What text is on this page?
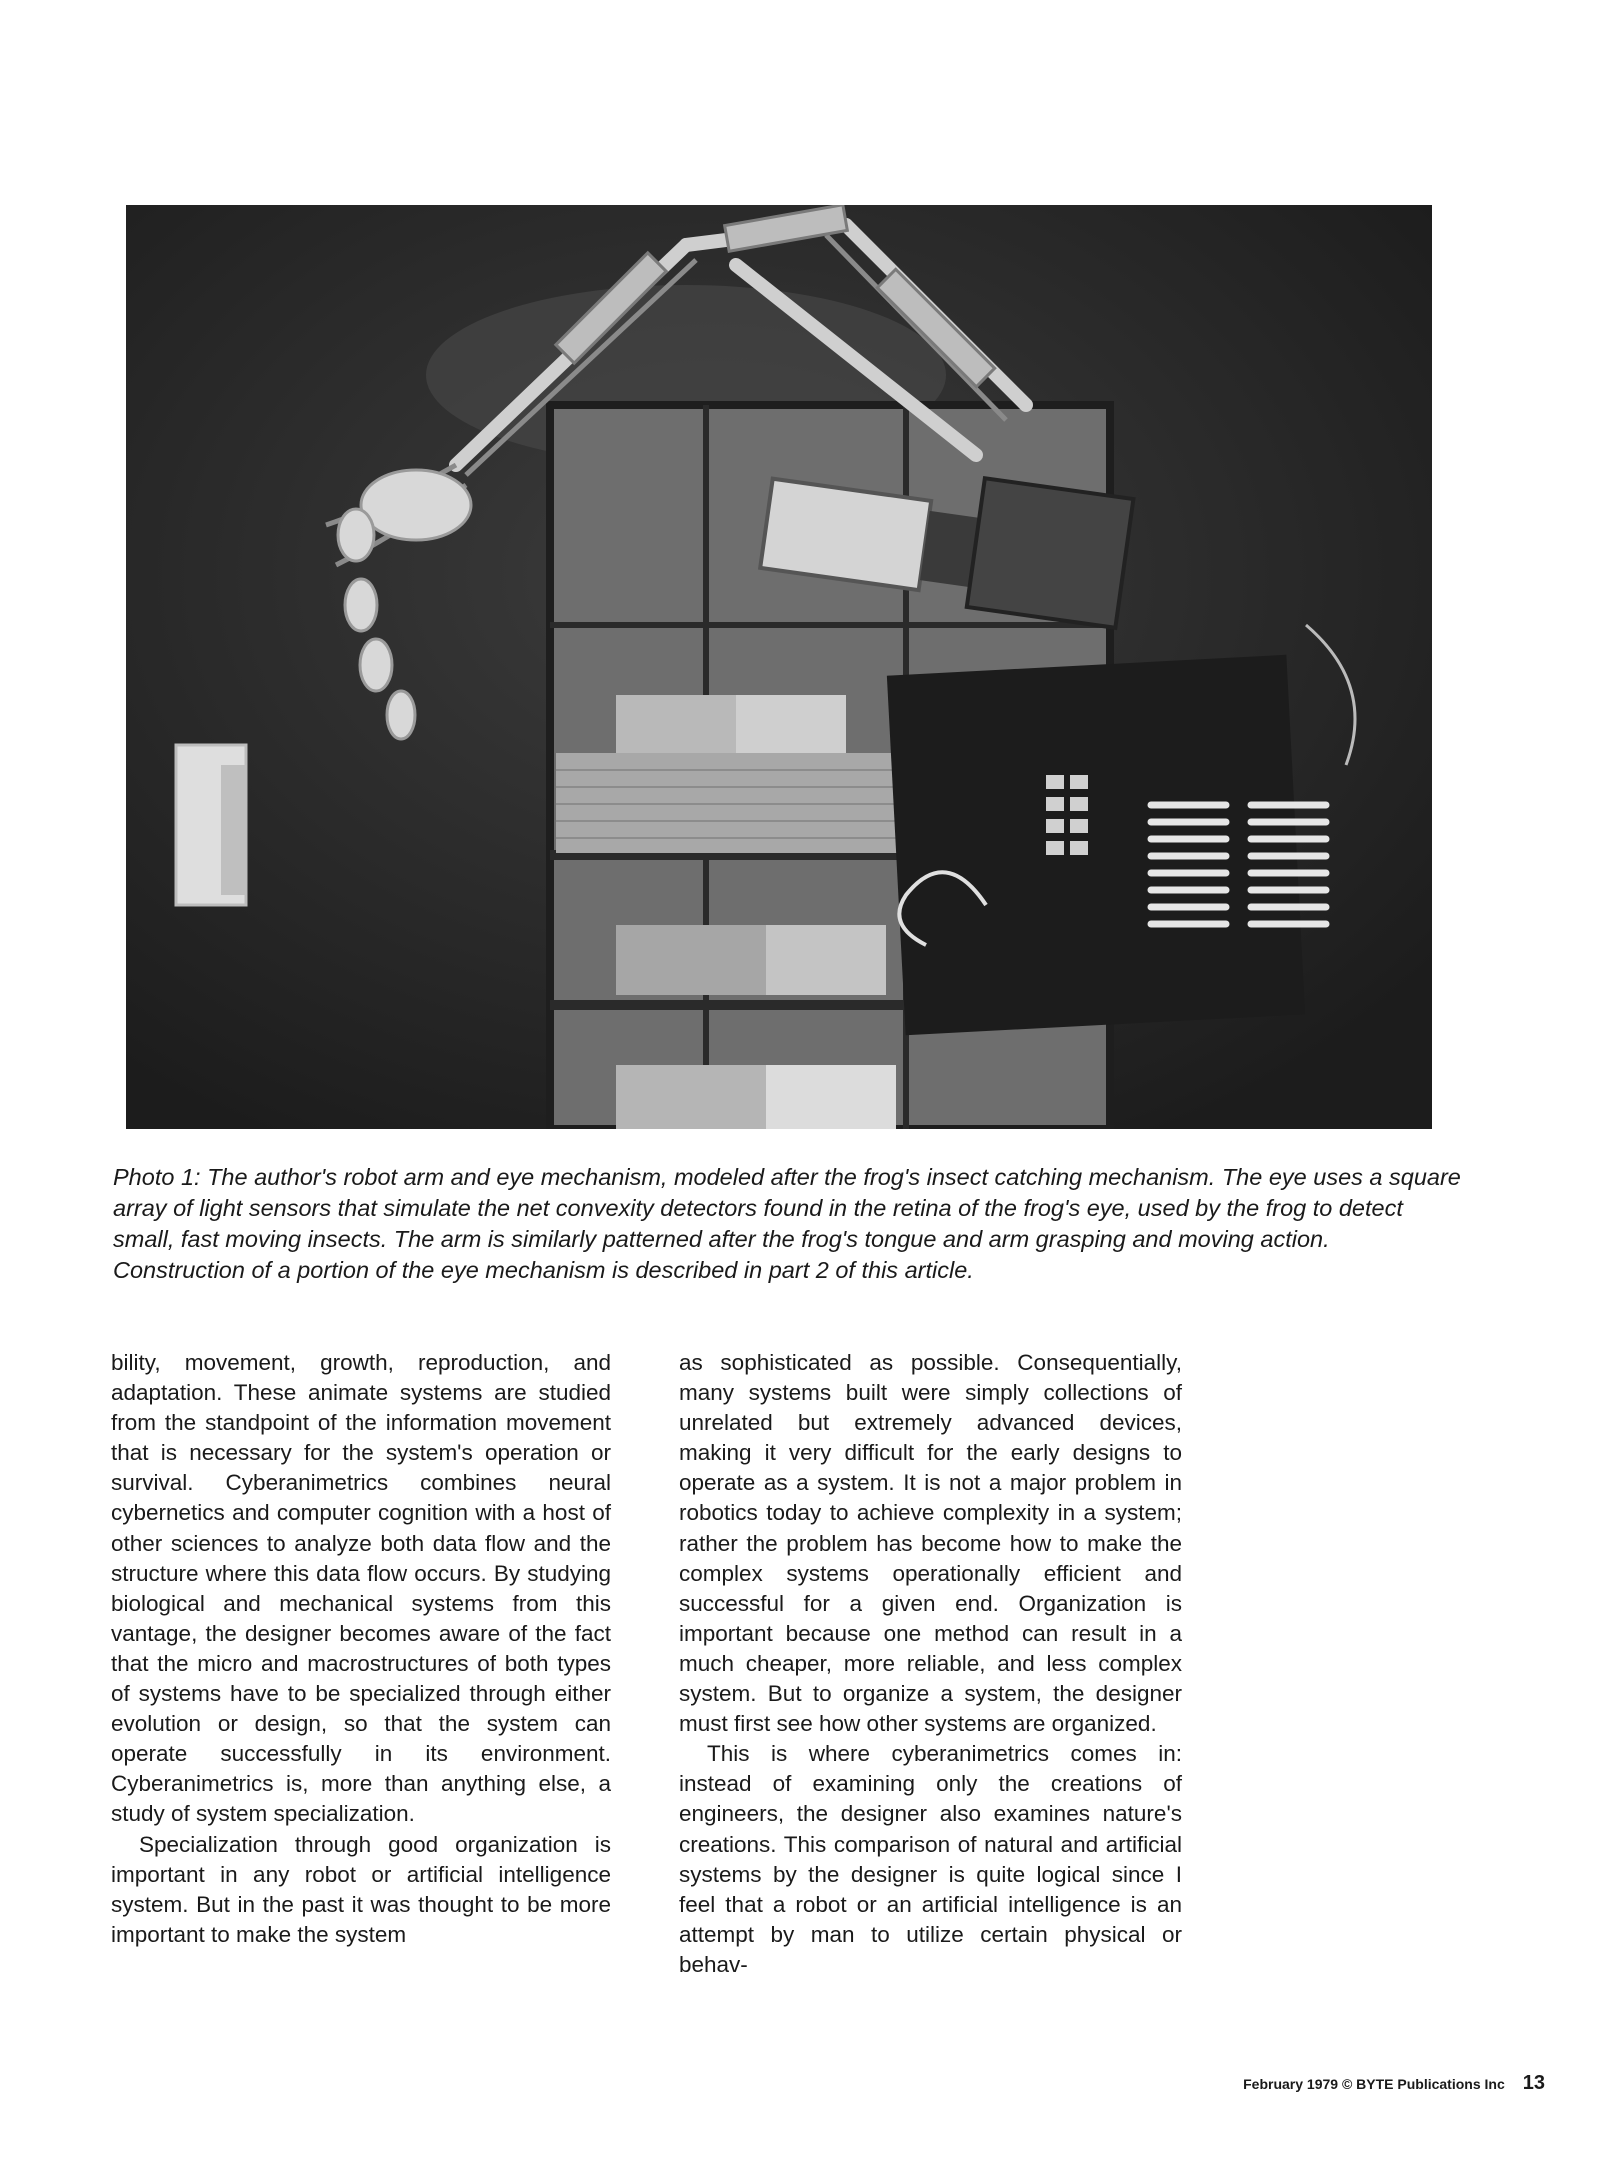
Photo 1: The author's robot arm and eye mechanism, modeled after the frog's insect catching mechanism. The eye uses a square array of light sensors that simulate the net convexity detectors found in the retina of the frog's eye, used by the frog to detect small, fast moving insects. The arm is similarly patterned after the frog's tongue and arm grasping and moving action. Construction of a portion of the eye mechanism is described in part 2 of this article.

bility, movement, growth, reproduction, and adaptation. These animate systems are studied from the standpoint of the information movement that is necessary for the system's operation or survival. Cyberanimetrics combines neural cybernetics and computer cognition with a host of other sciences to analyze both data flow and the structure where this data flow occurs. By studying biological and mechanical systems from this vantage, the designer becomes aware of the fact that the micro and macrostructures of both types of systems have to be specialized through either evolution or design, so that the system can operate successfully in its environment. Cyberanimetrics is, more than anything else, a study of system specialization.

Specialization through good organization is important in any robot or artificial intelligence system. But in the past it was thought to be more important to make the system

as sophisticated as possible. Consequentially, many systems built were simply collections of unrelated but extremely advanced devices, making it very difficult for the early designs to operate as a system. It is not a major problem in robotics today to achieve complexity in a system; rather the problem has become how to make the complex systems operationally efficient and successful for a given end. Organization is important because one method can result in a much cheaper, more reliable, and less complex system. But to organize a system, the designer must first see how other systems are organized.

This is where cyberanimetrics comes in: instead of examining only the creations of engineers, the designer also examines nature's creations. This comparison of natural and artificial systems by the designer is quite logical since I feel that a robot or an artificial intelligence is an attempt by man to utilize certain physical or behav-

February 1979 © BYTE Publications Inc 13
